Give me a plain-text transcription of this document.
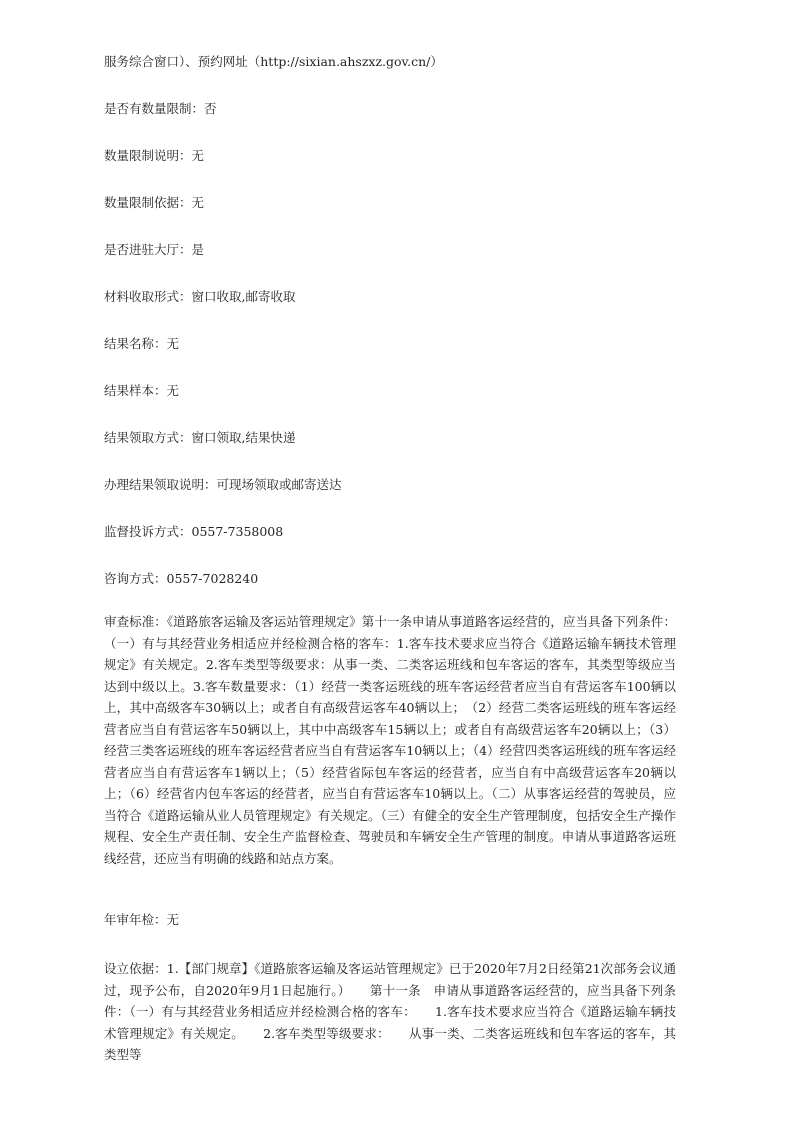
服务综合窗口）、预约网址（http://sixian.ahszxz.gov.cn/）
是否有数量限制：否
数量限制说明：无
数量限制依据：无
是否进驻大厅：是
材料收取形式：窗口收取,邮寄收取
结果名称：无
结果样本：无
结果领取方式：窗口领取,结果快递
办理结果领取说明：可现场领取或邮寄送达
监督投诉方式：0557-7358008
咨询方式：0557-7028240
审查标准：《道路旅客运输及客运站管理规定》第十一条申请从事道路客运经营的，应当具备下列条件：（一）有与其经营业务相适应并经检测合格的客车：1.客车技术要求应当符合《道路运输车辆技术管理规定》有关规定。2.客车类型等级要求：从事一类、二类客运班线和包车客运的客车，其类型等级应当达到中级以上。3.客车数量要求：（1）经营一类客运班线的班车客运经营者应当自有营运客车100辆以上，其中高级客车30辆以上；或者自有高级营运客车40辆以上；　（2）经营二类客运班线的班车客运经营者应当自有营运客车50辆以上，其中中高级客车15辆以上；或者自有高级营运客车20辆以上；（3）经营三类客运班线的班车客运经营者应当自有营运客车10辆以上；（4）经营四类客运班线的班车客运经营者应当自有营运客车1辆以上；（5）经营省际包车客运的经营者，应当自有中高级营运客车20辆以上；（6）经营省内包车客运的经营者，应当自有营运客车10辆以上。（二）从事客运经营的驾驶员，应当符合《道路运输从业人员管理规定》有关规定。（三）有健全的安全生产管理制度，包括安全生产操作规程、安全生产责任制、安全生产监督检查、驾驶员和车辆安全生产管理的制度。申请从事道路客运班线经营，还应当有明确的线路和站点方案。
年审年检：无
设立依据：1.【部门规章】《道路旅客运输及客运站管理规定》已于2020年7月2日经第21次部务会议通过，现予公布，自2020年9月1日起施行。）　　第十一条　申请从事道路客运经营的，应当具备下列条件：（一）有与其经营业务相适应并经检测合格的客车：　　1.客车技术要求应当符合《道路运输车辆技术管理规定》有关规定。　　2.客车类型等级要求：　　从事一类、二类客运班线和包车客运的客车，其类型等
